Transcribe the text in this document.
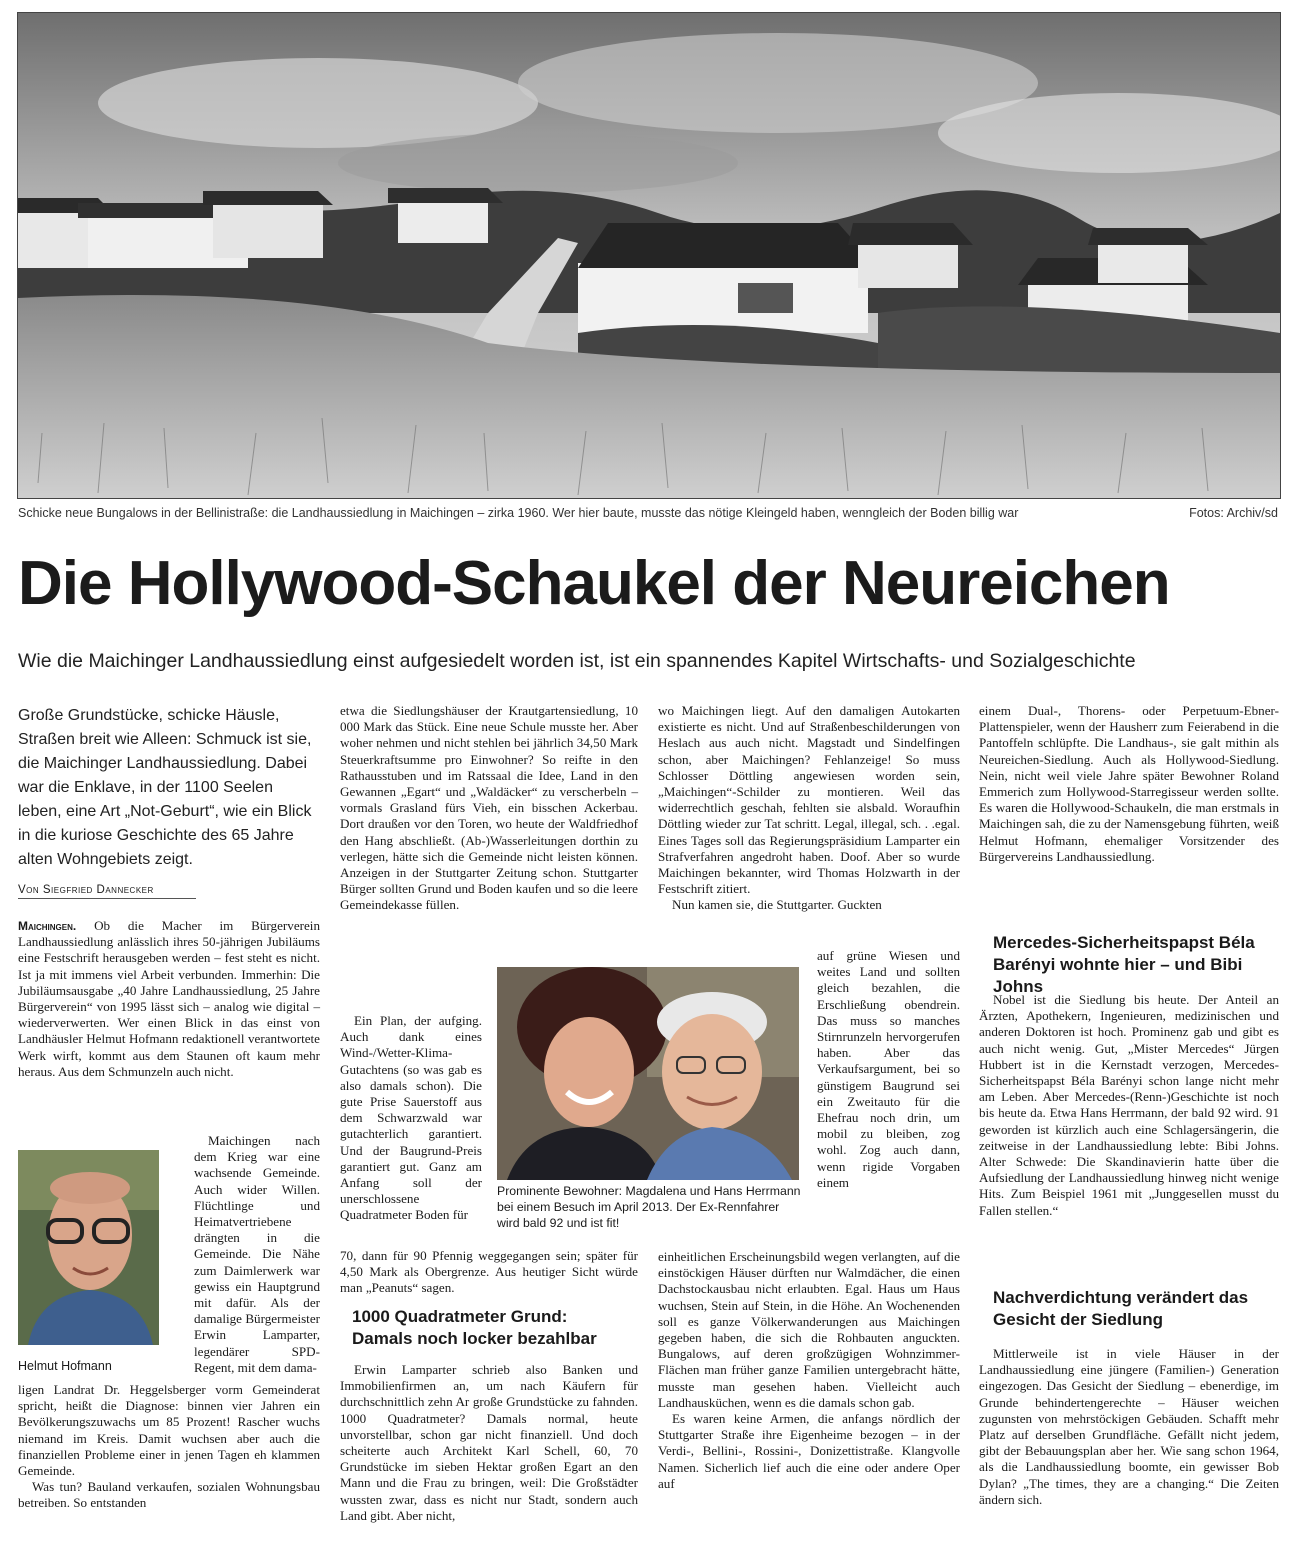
Schicke neue Bungalows in der Bellinistraße: die Landhaussiedlung in Maichingen – zirka 1960. Wer hier baute, musste das nötige Kleingeld haben, wenngleich der Boden billig war	Fotos: Archiv/sd
Die Hollywood-Schaukel der Neureichen
Wie die Maichinger Landhaussiedlung einst aufgesiedelt worden ist, ist ein spannendes Kapitel Wirtschafts- und Sozialgeschichte
Große Grundstücke, schicke Häusle, Straßen breit wie Alleen: Schmuck ist sie, die Maichinger Landhaussiedlung. Dabei war die Enklave, in der 1100 Seelen leben, eine Art „Not-Geburt“, wie ein Blick in die kuriose Geschichte des 65 Jahre alten Wohngebiets zeigt.
Von Siegfried Dannecker

Maichingen. Ob die Macher im Bürgerverein Landhaussiedlung anlässlich ihres 50-jährigen Jubiläums eine Festschrift herausgeben werden – fest steht es nicht. Ist ja mit immens viel Arbeit verbunden. Immerhin: Die Jubiläumsausgabe „40 Jahre Landhaussiedlung, 25 Jahre Bürgerverein“ von 1995 lässt sich – analog wie digital – wiederverwerten. Wer einen Blick in das einst von Landhäusler Helmut Hofmann redaktionell verantwortete Werk wirft, kommt aus dem Staunen oft kaum mehr heraus. Aus dem Schmunzeln auch nicht.

Helmut Hofmann

Maichingen nach dem Krieg war eine wachsende Gemeinde. Auch wider Willen. Flüchtlinge und Heimatvertriebene drängten in die Gemeinde. Die Nähe zum Daimlerwerk war gewiss ein Hauptgrund mit dafür. Als der damalige Bürgermeister Erwin Lamparter, legendärer SPD-Regent, mit dem dama-

ligen Landrat Dr. Heggelsberger vorm Gemeinderat spricht, heißt die Diagnose: binnen vier Jahren ein Bevölkerungszuwachs um 85 Prozent! Rascher wuchs niemand im Kreis. Damit wuchsen aber auch die finanziellen Probleme einer in jenen Tagen eh klammen Gemeinde.

Was tun? Bauland verkaufen, sozialen Wohnungsbau betreiben. So entstanden

etwa die Siedlungshäuser der Krautgartensiedlung, 10 000 Mark das Stück. Eine neue Schule musste her. Aber woher nehmen und nicht stehlen bei jährlich 34,50 Mark Steuerkraftsumme pro Einwohner? So reifte in den Rathausstuben und im Ratssaal die Idee, Land in den Gewannen „Egart“ und „Waldäcker“ zu verscherbeln – vormals Grasland fürs Vieh, ein bisschen Ackerbau. Dort draußen vor den Toren, wo heute der Waldfriedhof den Hang abschließt. (Ab-)Wasserleitungen dorthin zu verlegen, hätte sich die Gemeinde nicht leisten können. Anzeigen in der Stuttgarter Zeitung schon. Stuttgarter Bürger sollten Grund und Boden kaufen und so die leere Gemeindekasse füllen.

Ein Plan, der aufging. Auch dank eines Wind-/Wetter-Klima-Gutachtens (so was gab es also damals schon). Die gute Prise Sauerstoff aus dem Schwarzwald war gutachterlich garantiert. Und der Baugrund-Preis garantiert gut. Ganz am Anfang soll der unerschlossene Quadratmeter Boden für

70, dann für 90 Pfennig weggegangen sein; später für 4,50 Mark als Obergrenze. Aus heutiger Sicht würde man „Peanuts“ sagen.

1000 Quadratmeter Grund: Damals noch locker bezahlbar

Erwin Lamparter schrieb also Banken und Immobilienfirmen an, um nach Käufern für durchschnittlich zehn Ar große Grundstücke zu fahnden. 1000 Quadratmeter? Damals normal, heute unvorstellbar, schon gar nicht finanziell. Und doch scheiterte auch Architekt Karl Schell, 60, 70 Grundstücke im sieben Hektar großen Egart an den Mann und die Frau zu bringen, weil: Die Großstädter wussten zwar, dass es nicht nur Stadt, sondern auch Land gibt. Aber nicht,

wo Maichingen liegt. Auf den damaligen Autokarten existierte es nicht. Und auf Straßenbeschilderungen von Heslach aus auch nicht. Magstadt und Sindelfingen schon, aber Maichingen? Fehlanzeige! So muss Schlosser Döttling angewiesen worden sein, „Maichingen“-Schilder zu montieren. Weil das widerrechtlich geschah, fehlten sie alsbald. Woraufhin Döttling wieder zur Tat schritt. Legal, illegal, sch. . .egal. Eines Tages soll das Regierungspräsidium Lamparter ein Strafverfahren angedroht haben. Doof. Aber so wurde Maichingen bekannter, wird Thomas Holzwarth in der Festschrift zitiert.

Nun kamen sie, die Stuttgarter. Guckten

auf grüne Wiesen und weites Land und sollten gleich bezahlen, die Erschließung obendrein. Das muss so manches Stirnrunzeln hervorgerufen haben. Aber das Verkaufsargument, bei so günstigem Baugrund sei ein Zweitauto für die Ehefrau noch drin, um mobil zu bleiben, zog wohl. Zog auch dann, wenn rigide Vorgaben einem

Prominente Bewohner: Magdalena und Hans Herrmann bei einem Besuch im April 2013. Der Ex-Rennfahrer wird bald 92 und ist fit!

einheitlichen Erscheinungsbild wegen verlangten, auf die einstöckigen Häuser dürften nur Walmdächer, die einen Dachstockausbau nicht erlaubten. Egal. Haus um Haus wuchsen, Stein auf Stein, in die Höhe. An Wochenenden soll es ganze Völkerwanderungen aus Maichingen gegeben haben, die sich die Rohbauten anguckten. Bungalows, auf deren großzügigen Wohnzimmer-Flächen man früher ganze Familien untergebracht hätte, musste man gesehen haben. Vielleicht auch Landhausküchen, wenn es die damals schon gab.

Es waren keine Armen, die anfangs nördlich der Stuttgarter Straße ihre Eigenheime bezogen – in der Verdi-, Bellini-, Rossini-, Donizettistraße. Klangvolle Namen. Sicherlich lief auch die eine oder andere Oper auf

einem Dual-, Thorens- oder Perpetuum-Ebner-Plattenspieler, wenn der Hausherr zum Feierabend in die Pantoffeln schlüpfte. Die Landhaus-, sie galt mithin als Neureichen-Siedlung. Auch als Hollywood-Siedlung. Nein, nicht weil viele Jahre später Bewohner Roland Emmerich zum Hollywood-Starregisseur werden sollte. Es waren die Hollywood-Schaukeln, die man erstmals in Maichingen sah, die zu der Namensgebung führten, weiß Helmut Hofmann, ehemaliger Vorsitzender des Bürgervereins Landhaussiedlung.

Mercedes-Sicherheitspapst Béla Barényi wohnte hier – und Bibi Johns

Nobel ist die Siedlung bis heute. Der Anteil an Ärzten, Apothekern, Ingenieuren, medizinischen und anderen Doktoren ist hoch. Prominenz gab und gibt es auch nicht wenig. Gut, „Mister Mercedes“ Jürgen Hubbert ist in die Kernstadt verzogen, Mercedes-Sicherheitspapst Béla Barényi schon lange nicht mehr am Leben. Aber Mercedes-(Renn-)Geschichte ist noch bis heute da. Etwa Hans Herrmann, der bald 92 wird. 91 geworden ist kürzlich auch eine Schlagersängerin, die zeitweise in der Landhaussiedlung lebte: Bibi Johns. Alter Schwede: Die Skandinavierin hatte über die Aufsiedlung der Landhaussiedlung hinweg nicht wenige Hits. Zum Beispiel 1961 mit „Junggesellen musst du Fallen stellen.“

Nachverdichtung verändert das Gesicht der Siedlung

Mittlerweile ist in viele Häuser in der Landhaussiedlung eine jüngere (Familien-) Generation eingezogen. Das Gesicht der Siedlung – ebenerdige, im Grunde behindertengerechte – Häuser weichen zugunsten von mehrstöckigen Gebäuden. Schafft mehr Platz auf derselben Grundfläche. Gefällt nicht jedem, gibt der Bebauungsplan aber her. Wie sang schon 1964, als die Landhaussiedlung boomte, ein gewisser Bob Dylan? „The times, they are a changing.“ Die Zeiten ändern sich.
